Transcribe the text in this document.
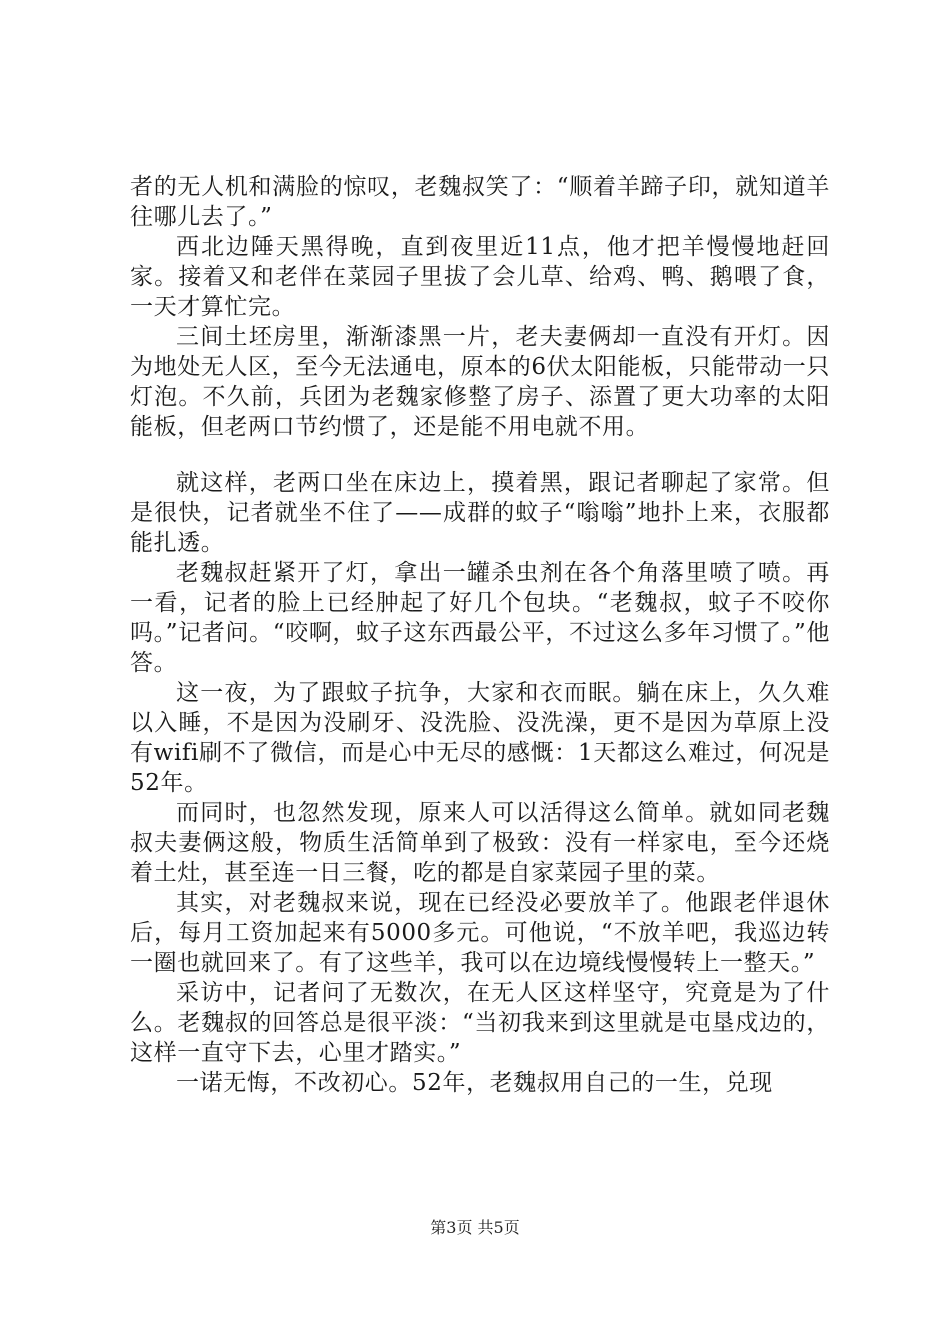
者的无人机和满脸的惊叹，老魏叔笑了：“顺着羊蹄子印，就知道羊往哪儿去了。”

西北边陲天黑得晚，直到夜里近11点，他才把羊慢慢地赶回家。接着又和老伴在菜园子里拔了会儿草、给鸡、鸭、鹅喂了食，一天才算忙完。

三间土坯房里，渐渐漆黑一片，老夫妻俩却一直没有开灯。因为地处无人区，至今无法通电，原本的6伏太阳能板，只能带动一只灯泡。不久前，兵团为老魏家修整了房子、添置了更大功率的太阳能板，但老两口节约惯了，还是能不用电就不用。

就这样，老两口坐在床边上，摸着黑，跟记者聊起了家常。但是很快，记者就坐不住了——成群的蚊子“嗡嗡”地扑上来，衣服都能扎透。

老魏叔赶紧开了灯，拿出一罐杀虫剂在各个角落里喷了喷。再一看，记者的脸上已经肿起了好几个包块。“老魏叔，蚊子不咬你吗。”记者问。“咬啊，蚊子这东西最公平，不过这么多年习惯了。”他答。

这一夜，为了跟蚊子抗争，大家和衣而眠。躺在床上，久久难以入睡，不是因为没刷牙、没洗脸、没洗澡，更不是因为草原上没有wifi刷不了微信，而是心中无尽的感慨：1天都这么难过，何况是52年。

而同时，也忽然发现，原来人可以活得这么简单。就如同老魏叔夫妻俩这般，物质生活简单到了极致：没有一样家电，至今还烧着土灶，甚至连一日三餐，吃的都是自家菜园子里的菜。

其实，对老魏叔来说，现在已经没必要放羊了。他跟老伴退休后，每月工资加起来有5000多元。可他说，“不放羊吧，我巡边转一圈也就回来了。有了这些羊，我可以在边境线慢慢转上一整天。”

采访中，记者问了无数次，在无人区这样坚守，究竟是为了什么。老魏叔的回答总是很平淡：“当初我来到这里就是屯垦戍边的，这样一直守下去，心里才踏实。”

一诺无悔，不改初心。52年，老魏叔用自己的一生，兑现

第3页 共5页
